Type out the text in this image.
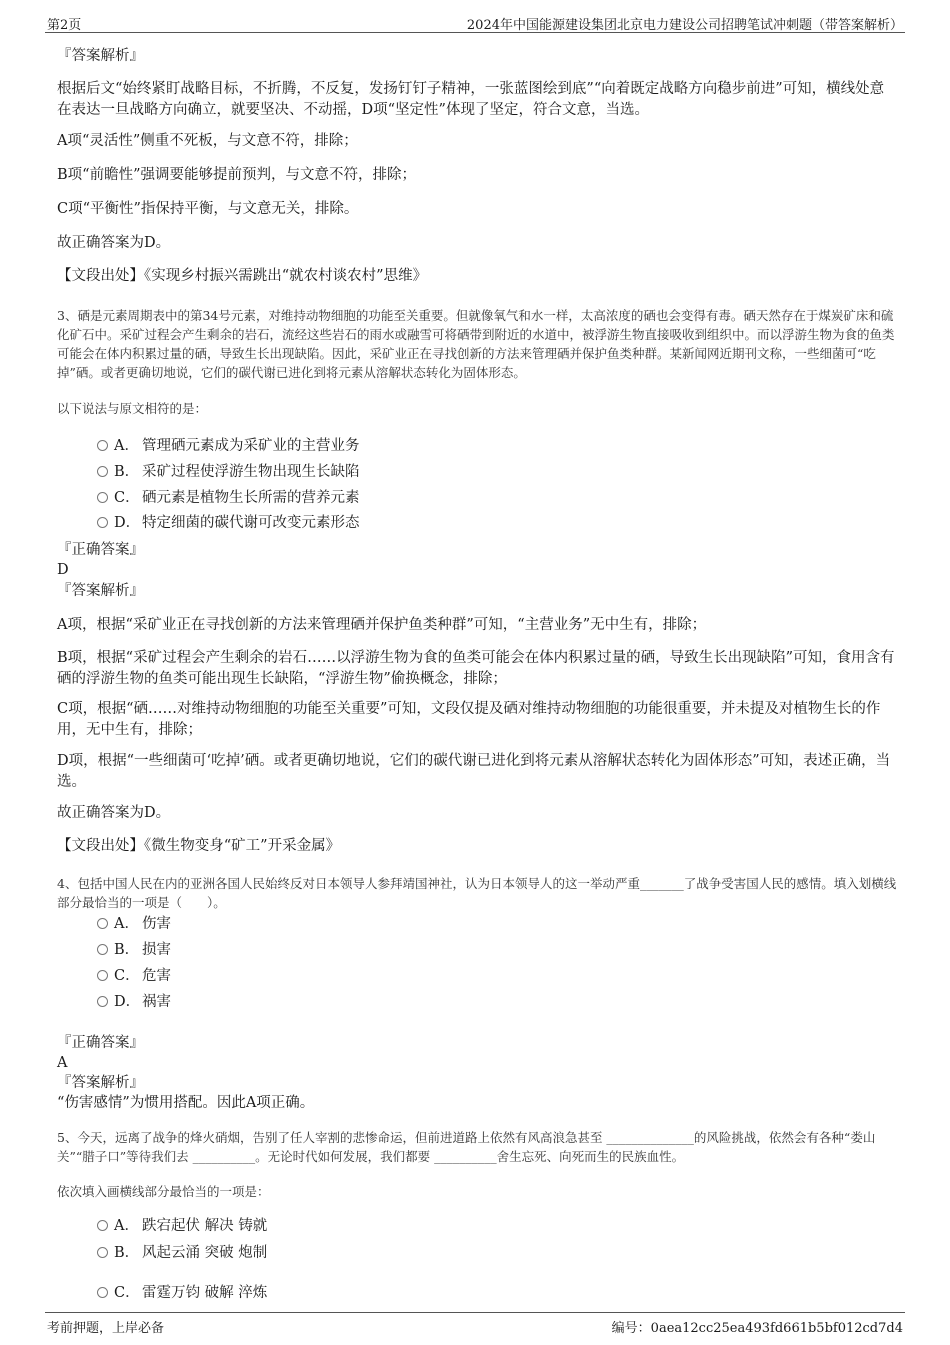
第2页	2024年中国能源建设集团北京电力建设公司招聘笔试冲刺题（带答案解析）
『答案解析』
根据后文“始终紧盯战略目标，不折腾，不反复，发扬钉钉子精神，一张蓝图绘到底”“向着既定战略方向稳步前进”可知，横线处意在表达一旦战略方向确立，就要坚决、不动摇，D项“坚定性”体现了坚定，符合文意，当选。
A项“灵活性”侧重不死板，与文意不符，排除；
B项“前瞻性”强调要能够提前预判，与文意不符，排除；
C项“平衡性”指保持平衡，与文意无关，排除。
故正确答案为D。
【文段出处】《实现乡村振兴需跳出“就农村谈农村”思维》
3、硒是元素周期表中的第34号元素，对维持动物细胞的功能至关重要。但就像氧气和水一样，太高浓度的硒也会变得有毒。硒天然存在于煤炭矿床和硫化矿石中。采矿过程会产生剩余的岩石，流经这些岩石的雨水或融雪可将硒带到附近的水道中，被浮游生物直接吸收到组织中。而以浮游生物为食的鱼类可能会在体内积累过量的硒，导致生长出现缺陷。因此，采矿业正在寻找创新的方法来管理硒并保护鱼类种群。某新闻网近期刊文称，一些细菌可“吃掉”硒。或者更确切地说，它们的碳代谢已进化到将元素从溶解状态转化为固体形态。
以下说法与原文相符的是：
A． 管理硒元素成为采矿业的主营业务
B． 采矿过程使浮游生物出现生长缺陷
C． 硒元素是植物生长所需的营养元素
D． 特定细菌的碳代谢可改变元素形态
『正确答案』
D
『答案解析』
A项，根据“采矿业正在寻找创新的方法来管理硒并保护鱼类种群”可知，“主营业务”无中生有，排除；
B项，根据“采矿过程会产生剩余的岩石……以浮游生物为食的鱼类可能会在体内积累过量的硒，导致生长出现缺陷”可知，食用含有硒的浮游生物的鱼类可能出现生长缺陷，“浮游生物”偷换概念，排除；
C项，根据“硒……对维持动物细胞的功能至关重要”可知，文段仅提及硒对维持动物细胞的功能很重要，并未提及对植物生长的作用，无中生有，排除；
D项，根据“一些细菌可‘吃掉’硒。或者更确切地说，它们的碳代谢已进化到将元素从溶解状态转化为固体形态”可知，表述正确，当选。
故正确答案为D。
【文段出处】《微生物变身“矿工”开采金属》
4、包括中国人民在内的亚洲各国人民始终反对日本领导人参拜靖国神社，认为日本领导人的这一举动严重_______了战争受害国人民的感情。填入划横线部分最恰当的一项是（　　）。
A． 伤害
B． 损害
C． 危害
D． 祸害
『正确答案』
A
『答案解析』
“伤害感情”为惯用搭配。因此A项正确。
5、今天，远离了战争的烽火硝烟，告别了任人宰割的悲惨命运，但前进道路上依然有风高浪急甚至 ______________的风险挑战，依然会有各种“娄山关”“腊子口”等待我们去 __________。无论时代如何发展，我们都要 __________舍生忘死、向死而生的民族血性。
依次填入画横线部分最恰当的一项是：
A． 跌宕起伏 解决 铸就
B． 风起云涌 突破 炮制
C． 雷霆万钧 破解 淬炼
考前押题，上岸必备	编号：0aea12cc25ea493fd661b5bf012cd7d4
